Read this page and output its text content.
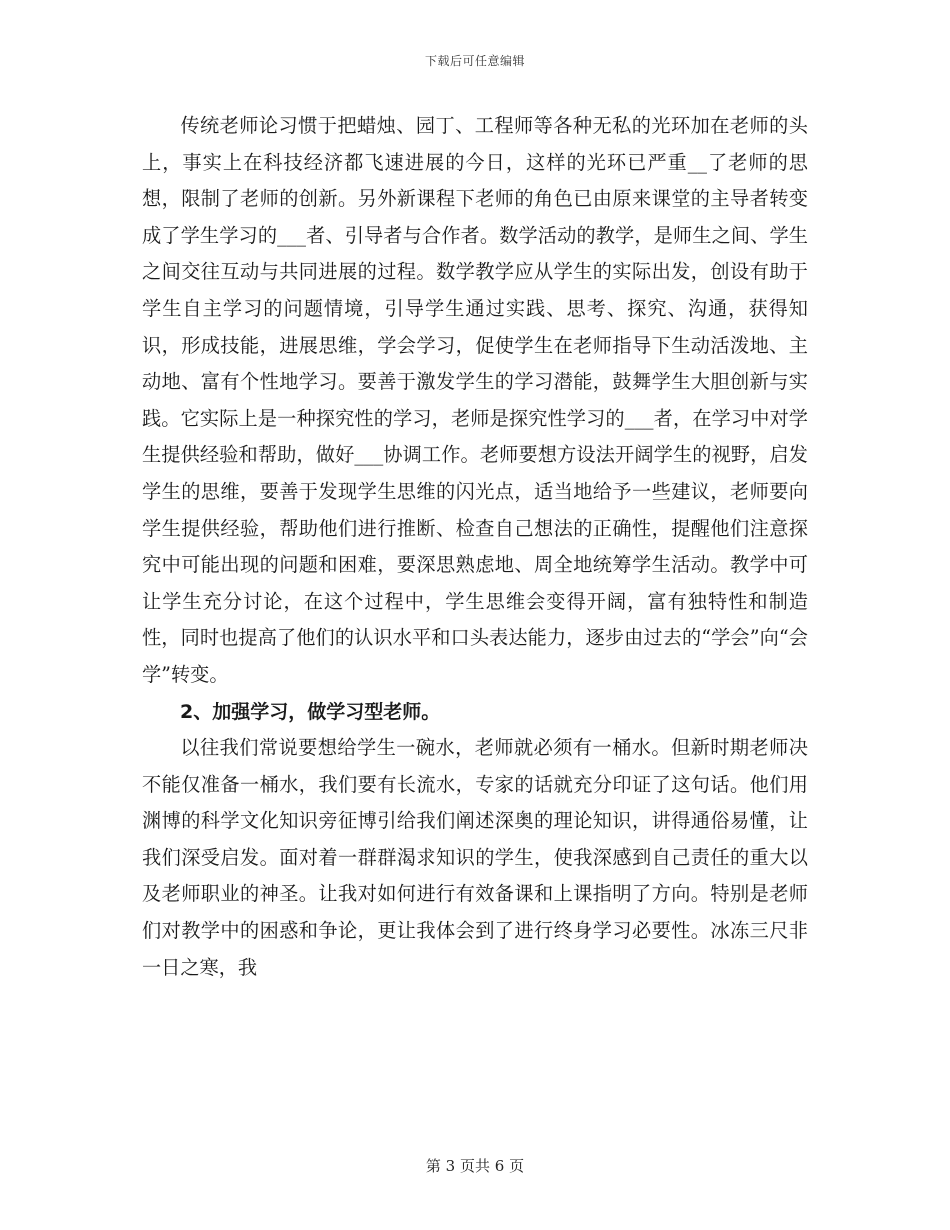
下载后可任意编辑

传统老师论习惯于把蜡烛、园丁、工程师等各种无私的光环加在老师的头上，事实上在科技经济都飞速进展的今日，这样的光环已严重__了老师的思想，限制了老师的创新。另外新课程下老师的角色已由原来课堂的主导者转变成了学生学习的___者、引导者与合作者。数学活动的教学，是师生之间、学生之间交往互动与共同进展的过程。数学教学应从学生的实际出发，创设有助于学生自主学习的问题情境，引导学生通过实践、思考、探究、沟通，获得知识，形成技能，进展思维，学会学习，促使学生在老师指导下生动活泼地、主动地、富有个性地学习。要善于激发学生的学习潜能，鼓舞学生大胆创新与实践。它实际上是一种探究性的学习，老师是探究性学习的___者，在学习中对学生提供经验和帮助，做好___协调工作。老师要想方设法开阔学生的视野，启发学生的思维，要善于发现学生思维的闪光点，适当地给予一些建议，老师要向学生提供经验，帮助他们进行推断、检查自己想法的正确性，提醒他们注意探究中可能出现的问题和困难，要深思熟虑地、周全地统筹学生活动。教学中可让学生充分讨论，在这个过程中，学生思维会变得开阔，富有独特性和制造性，同时也提高了他们的认识水平和口头表达能力，逐步由过去的“学会”向“会学”转变。

2、加强学习，做学习型老师。

以往我们常说要想给学生一碗水，老师就必须有一桶水。但新时期老师决不能仅准备一桶水，我们要有长流水，专家的话就充分印证了这句话。他们用渊博的科学文化知识旁征博引给我们阐述深奥的理论知识，讲得通俗易懂，让我们深受启发。面对着一群群渴求知识的学生，使我深感到自己责任的重大以及老师职业的神圣。让我对如何进行有效备课和上课指明了方向。特别是老师们对教学中的困惑和争论，更让我体会到了进行终身学习必要性。冰冻三尺非一日之寒，我

第 3 页共 6 页
